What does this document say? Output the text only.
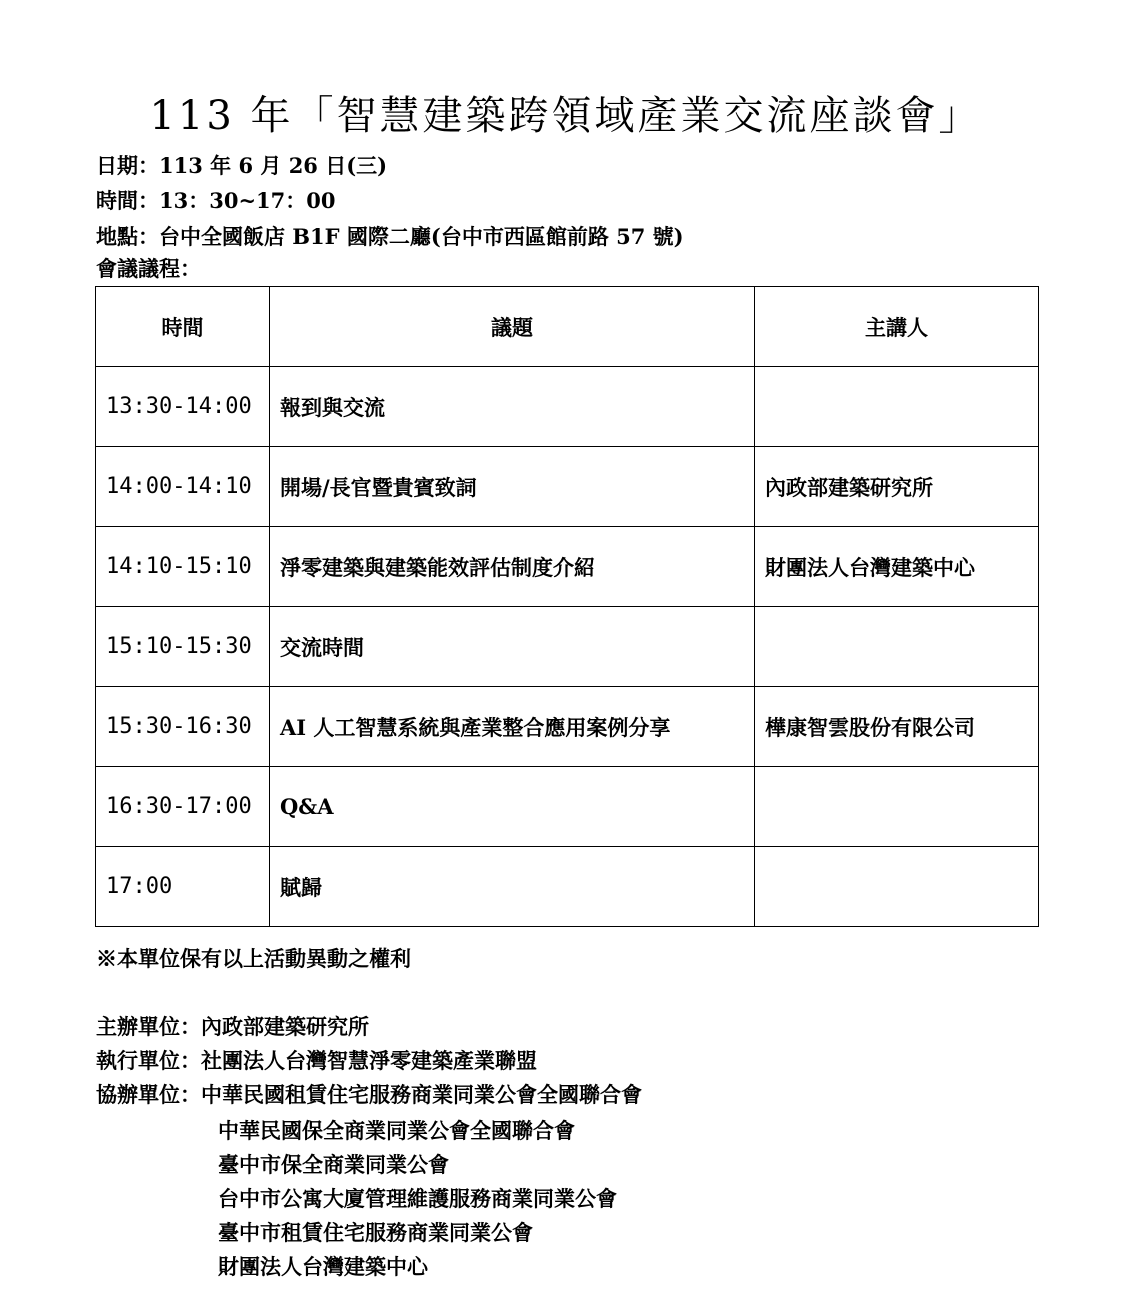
113 年「智慧建築跨領域產業交流座談會」
日期：113 年 6 月 26 日(三)
時間：13：30~17：00
地點：台中全國飯店 B1F 國際二廳(台中市西區館前路 57 號)
會議議程：
時間	議題	主講人
13:30-14:00	報到與交流	
14:00-14:10	開場/長官暨貴賓致詞	內政部建築研究所
14:10-15:10	淨零建築與建築能效評估制度介紹	財團法人台灣建築中心
15:10-15:30	交流時間	
15:30-16:30	AI 人工智慧系統與產業整合應用案例分享	樺康智雲股份有限公司
16:30-17:00	Q&A	
17:00	賦歸	
※本單位保有以上活動異動之權利
主辦單位：內政部建築研究所
執行單位：社團法人台灣智慧淨零建築產業聯盟
協辦單位：中華民國租賃住宅服務商業同業公會全國聯合會
中華民國保全商業同業公會全國聯合會
臺中市保全商業同業公會
台中市公寓大廈管理維護服務商業同業公會
臺中市租賃住宅服務商業同業公會
財團法人台灣建築中心
